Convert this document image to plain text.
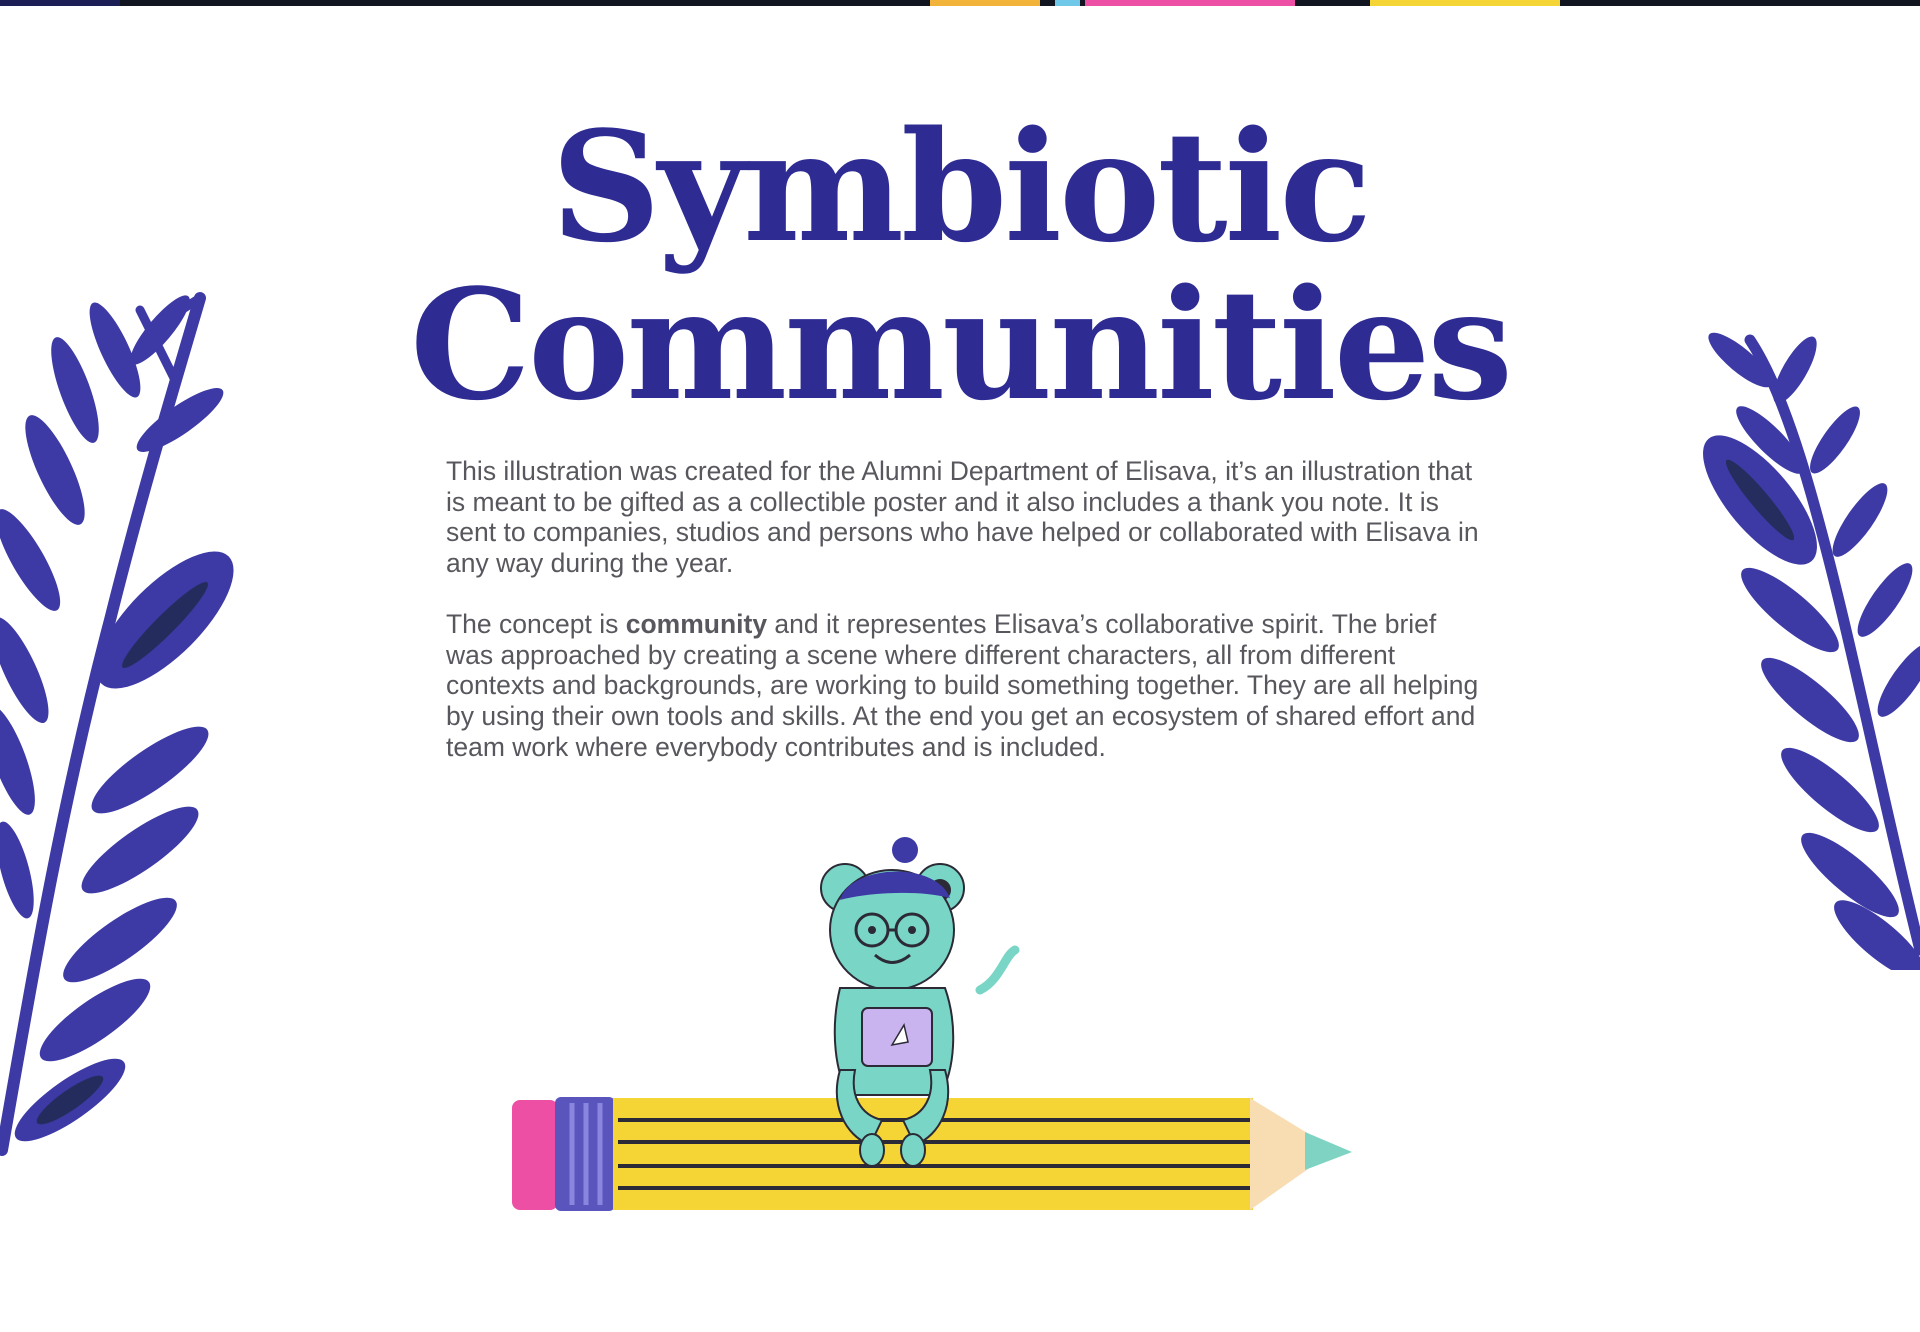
Symbiotic
Communities

This illustration was created for the Alumni Department of Elisava, it’s an illustration that is meant to be gifted as a collectible poster and it also includes a thank you note. It is sent to companies, studios and persons who have helped or collaborated with Elisava in any way during the year.

The concept is community and it representes Elisava’s collaborative spirit. The brief was approached by creating a scene where different characters, all from different contexts and backgrounds, are working to build something together. They are all helping by using their own tools and skills. At the end you get an ecosystem of shared effort and team work where everybody contributes and is included.
